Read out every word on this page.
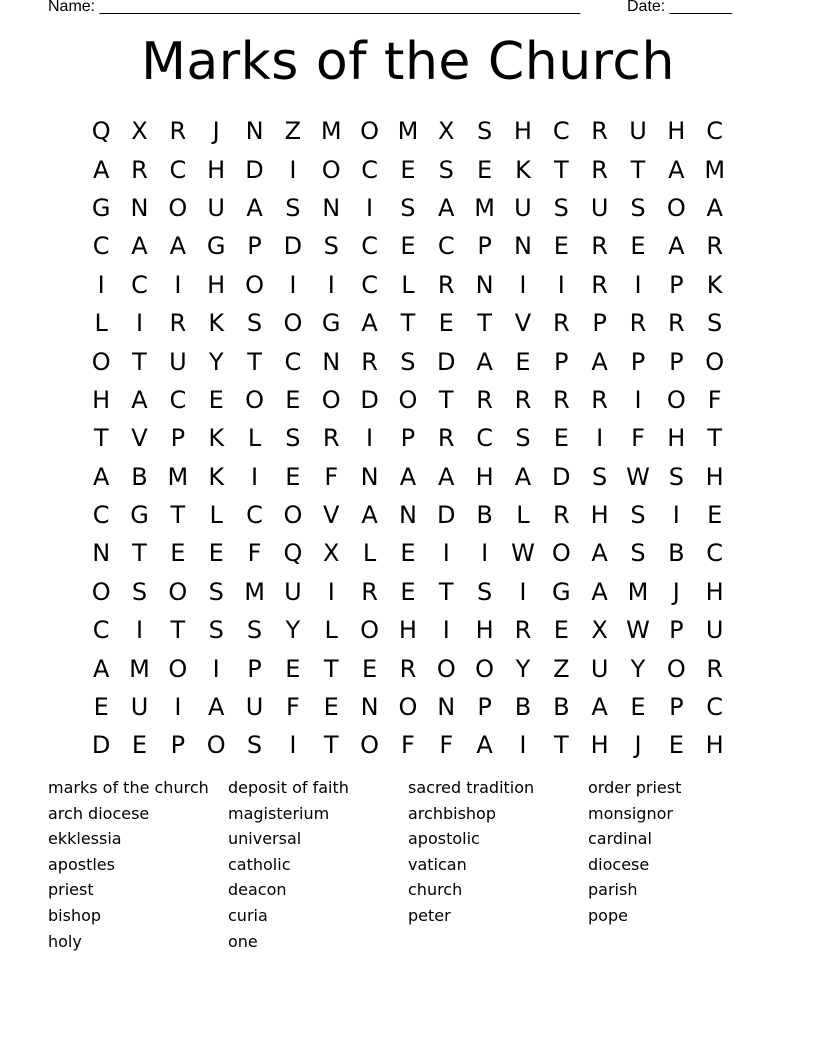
Name: ______________________________________________________

	Date: _______

Marks of the Church
Q X R	J	N Z M O M X S H C R U H C
A R C H D	I	O C E S E K T R T A M
G N O U A S N	I	S A M U S U S O A
C A A G P D S C E C P N E R E A R
I	C	I	H O	I	I	C L R N	I	I	R	I	P K
L	I	R K S O G A T E T V R P R R S
O T U Y T C N R S D A E P A P P O
H A C E O E O D O T R R R R	I	O F
T V P K L	S R	I	P R C S E	I	F H T
A B M K	I	E F N A A H A D S W S H
C G T	L C O V A N D B L R H S	I	E
N T E E F Q X L	E	I	I W O A S B C
O S O S M U	I	R E T S	I	G A M	J	H
C	I	T S S Y	L O H	I	H R E X W P U
A M O	I	P E T E R O O Y Z U Y O R
E U	I	A U F E N O N P B B A E P C
D E P O S	I	T O F	F A	I	T H	J	E H
marks of the church	deposit of faith	sacred tradition	order priest
arch diocese	magisterium	archbishop	monsignor
ekklessia	universal	apostolic	cardinal
apostles	catholic	vatican	diocese
priest	deacon	church	parish
bishop	curia	peter	pope
holy	one
